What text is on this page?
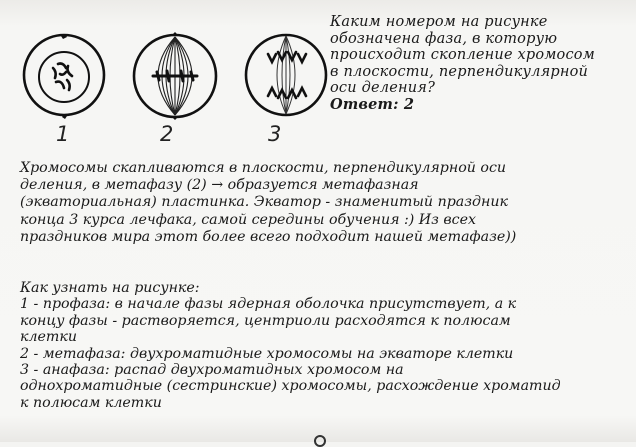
1	2	3
Каким номером на рисунке
обозначена фаза, в которую
происходит скопление хромосом
в плоскости, перпендикулярной
оси деления?
Ответ: 2
Хромосомы скапливаются в плоскости, перпендикулярной оси
деления, в метафазу (2) → образуется метафазная
(экваториальная) пластинка. Экватор - знаменитый праздник
конца 3 курса лечфака, самой середины обучения :) Из всех
праздников мира этот более всего подходит нашей метафазе))
Как узнать на рисунке:
1 - профаза: в начале фазы ядерная оболочка присутствует, а к
концу фазы - растворяется, центриоли расходятся к полюсам
клетки
2 - метафаза: двухроматидные хромосомы на экваторе клетки
3 - анафаза: распад двухроматидных хромосом на
однохроматидные (сестринские) хромосомы, расхождение хроматид
к полюсам клетки
